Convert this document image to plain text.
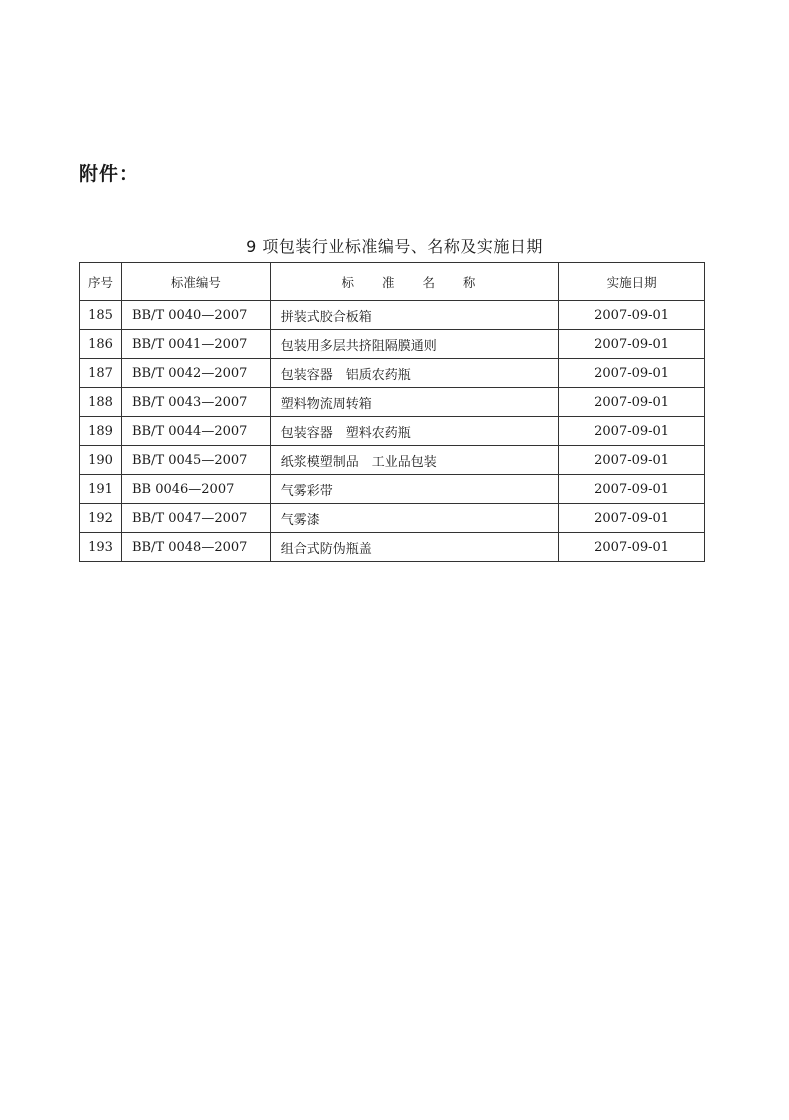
附件：
9 项包装行业标准编号、名称及实施日期
序号	标准编号	标 准 名 称	实施日期
185	BB/T 0040—2007	拼装式胶合板箱	2007-09-01
186	BB/T 0041—2007	包装用多层共挤阻隔膜通则	2007-09-01
187	BB/T 0042—2007	包装容器　铝质农药瓶	2007-09-01
188	BB/T 0043—2007	塑料物流周转箱	2007-09-01
189	BB/T 0044—2007	包装容器　塑料农药瓶	2007-09-01
190	BB/T 0045—2007	纸浆模塑制品　工业品包装	2007-09-01
191	BB 0046—2007	气雾彩带	2007-09-01
192	BB/T 0047—2007	气雾漆	2007-09-01
193	BB/T 0048—2007	组合式防伪瓶盖	2007-09-01
